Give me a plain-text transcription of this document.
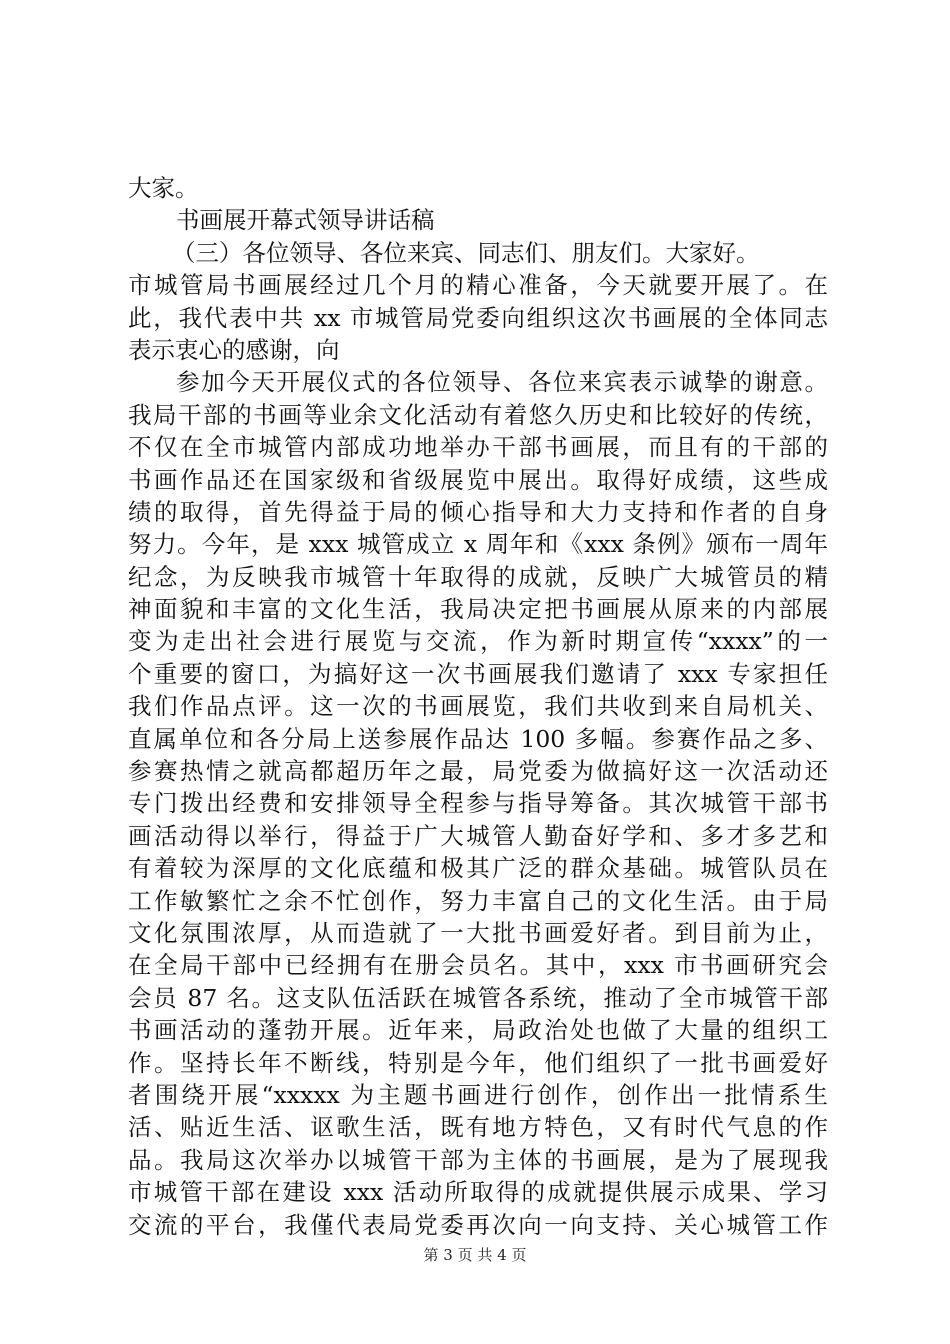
大家。
书画展开幕式领导讲话稿
（三）各位领导、各位来宾、同志们、朋友们。大家好。
市城管局书画展经过几个月的精心准备，今天就要开展了。在
此，我代表中共 xx 市城管局党委向组织这次书画展的全体同志
表示衷心的感谢，向
参加今天开展仪式的各位领导、各位来宾表示诚挚的谢意。
我局干部的书画等业余文化活动有着悠久历史和比较好的传统，
不仅在全市城管内部成功地举办干部书画展，而且有的干部的
书画作品还在国家级和省级展览中展出。取得好成绩，这些成
绩的取得，首先得益于局的倾心指导和大力支持和作者的自身
努力。今年，是 xxx 城管成立 x 周年和《xxx 条例》颁布一周年
纪念，为反映我市城管十年取得的成就，反映广大城管员的精
神面貌和丰富的文化生活，我局决定把书画展从原来的内部展
变为走出社会进行展览与交流，作为新时期宣传“xxxx”的一
个重要的窗口，为搞好这一次书画展我们邀请了 xxx 专家担任
我们作品点评。这一次的书画展览，我们共收到来自局机关、
直属单位和各分局上送参展作品达 100 多幅。参赛作品之多、
参赛热情之就高都超历年之最，局党委为做搞好这一次活动还
专门拨出经费和安排领导全程参与指导筹备。其次城管干部书
画活动得以举行，得益于广大城管人勤奋好学和、多才多艺和
有着较为深厚的文化底蕴和极其广泛的群众基础。城管队员在
工作敏繁忙之余不忙创作，努力丰富自己的文化生活。由于局
文化氛围浓厚，从而造就了一大批书画爱好者。到目前为止，
在全局干部中已经拥有在册会员名。其中，xxx 市书画研究会
会员 87 名。这支队伍活跃在城管各系统，推动了全市城管干部
书画活动的蓬勃开展。近年来，局政治处也做了大量的组织工
作。坚持长年不断线，特别是今年，他们组织了一批书画爱好
者围绕开展“xxxxx 为主题书画进行创作，创作出一批情系生
活、贴近生活、讴歌生活，既有地方特色，又有时代气息的作
品。我局这次举办以城管干部为主体的书画展，是为了展现我
市城管干部在建设 xxx 活动所取得的成就提供展示成果、学习
交流的平台，我僅代表局党委再次向一向支持、关心城管工作
第 3 页 共 4 页
